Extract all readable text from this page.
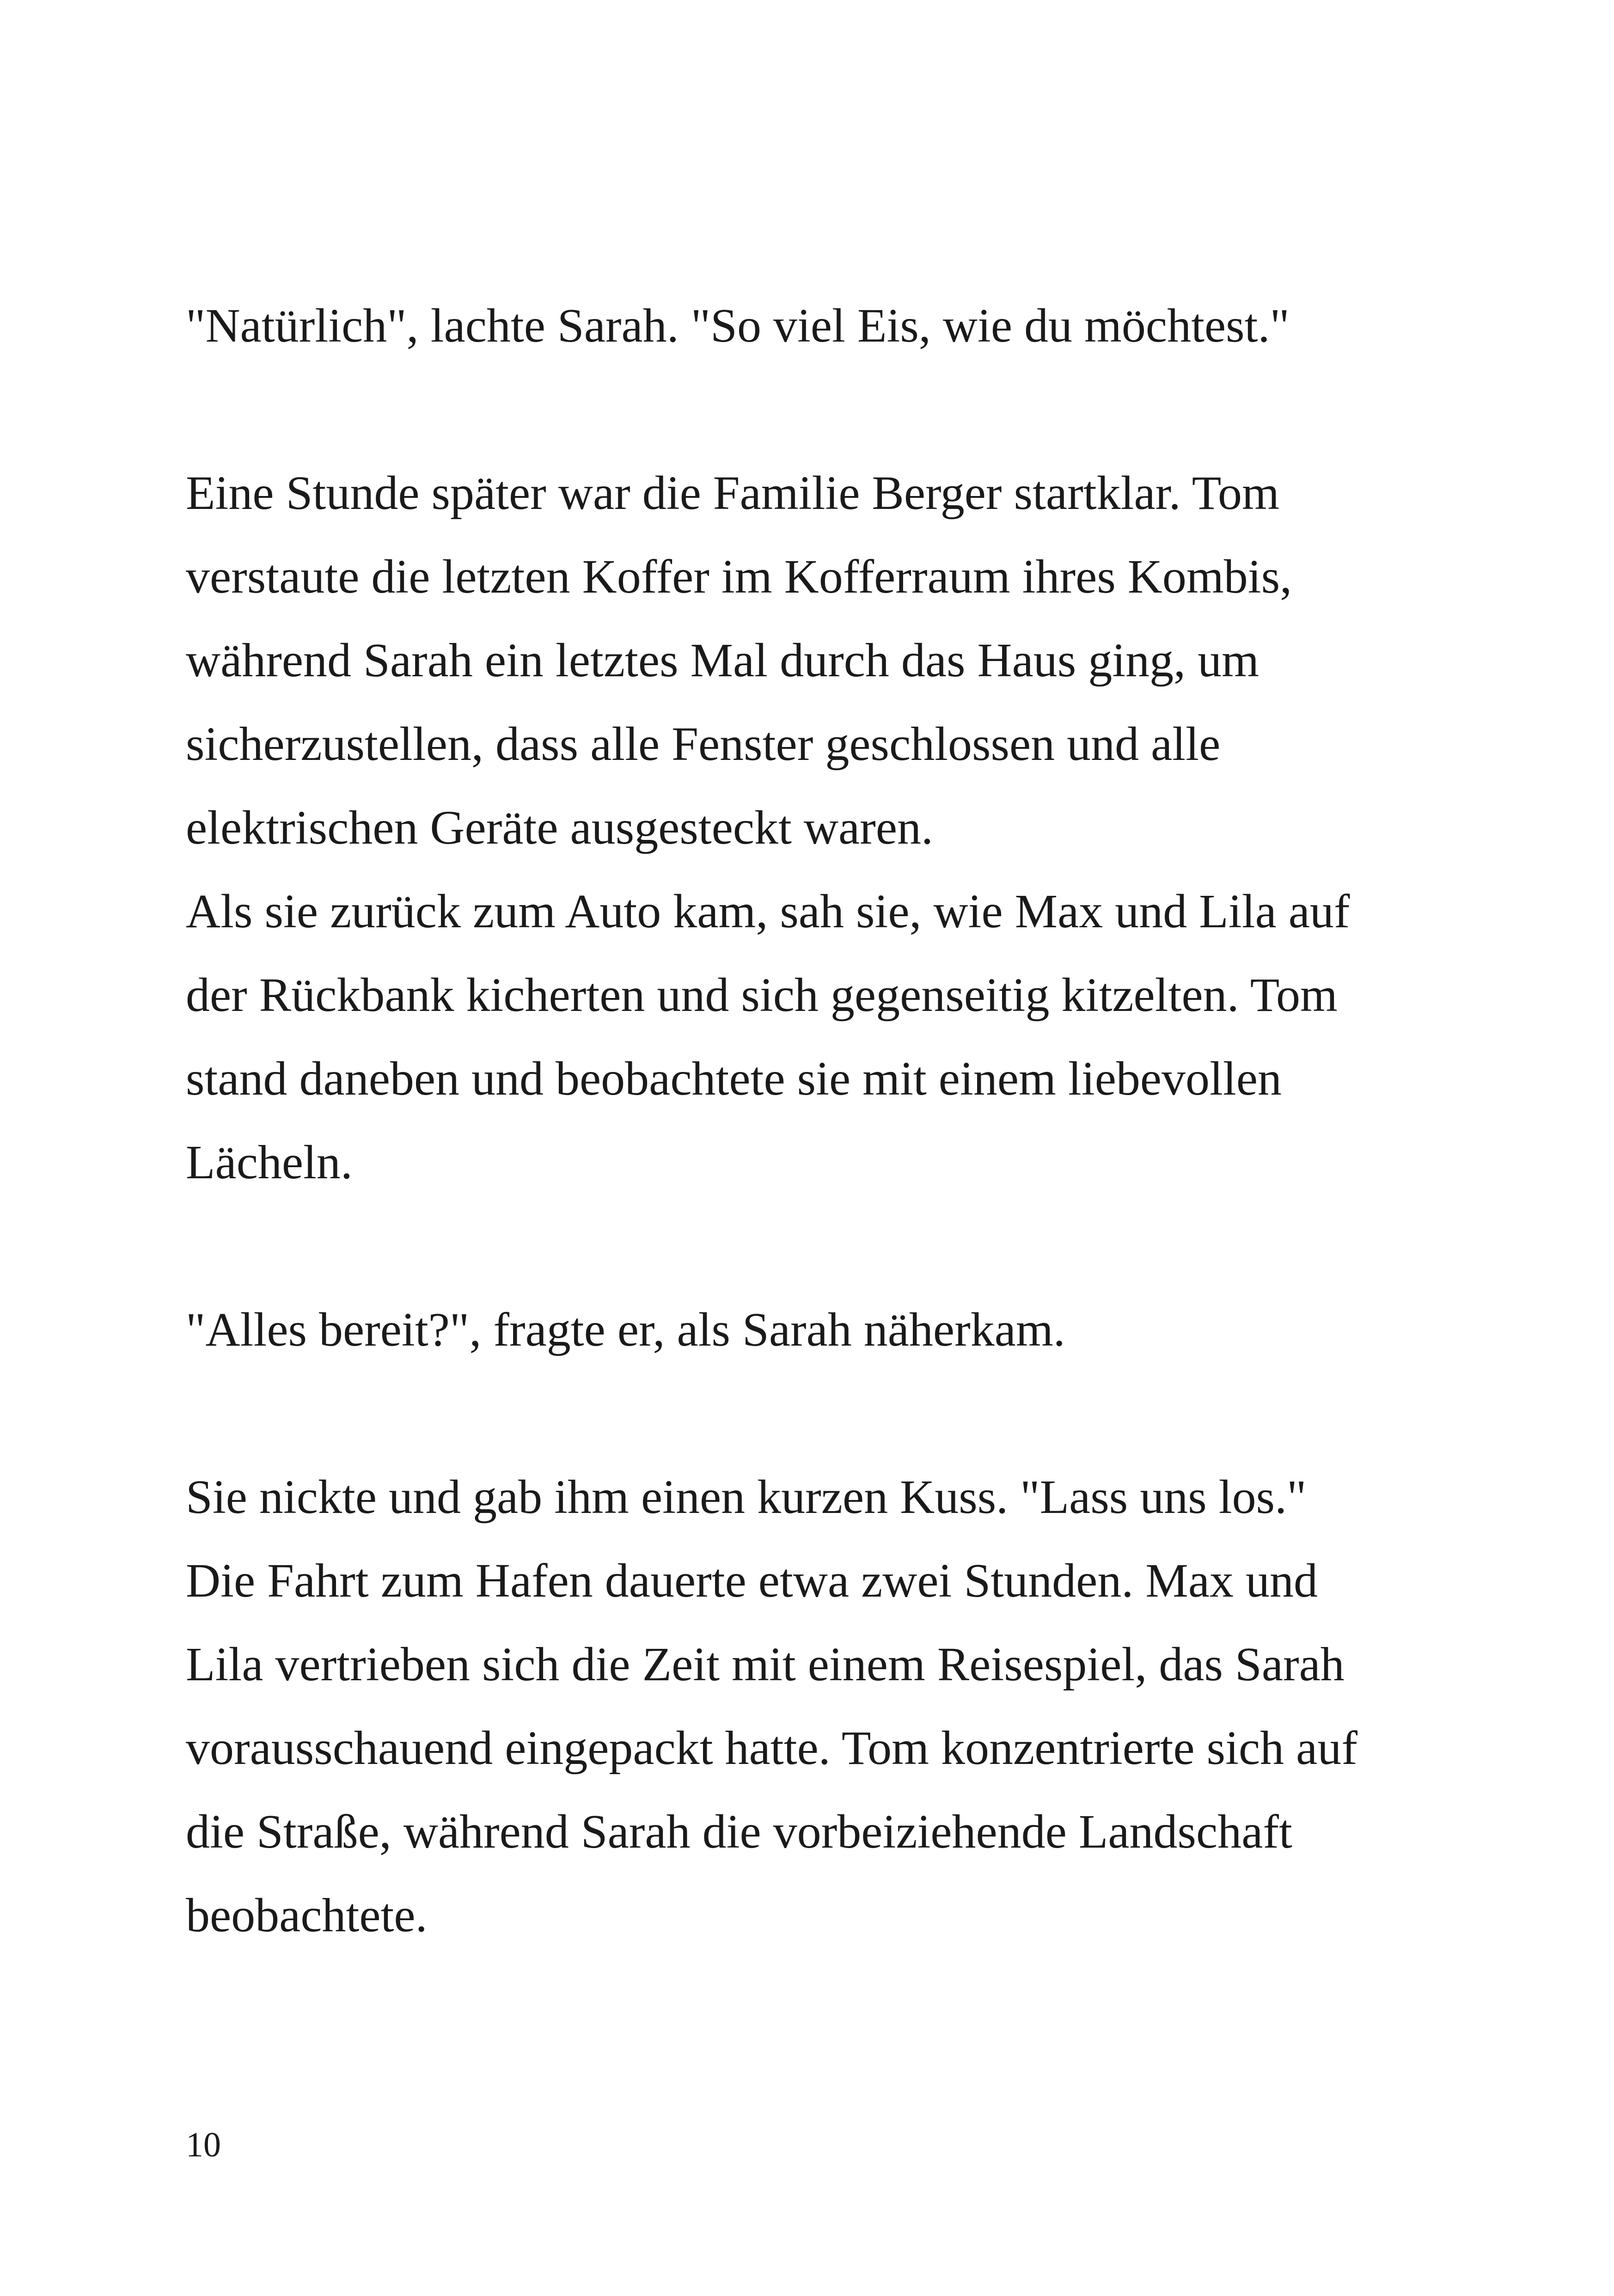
"Natürlich", lachte Sarah. "So viel Eis, wie du möchtest."

Eine Stunde später war die Familie Berger startklar. Tom
verstaute die letzten Koffer im Kofferraum ihres Kombis,
während Sarah ein letztes Mal durch das Haus ging, um
sicherzustellen, dass alle Fenster geschlossen und alle
elektrischen Geräte ausgesteckt waren.

Als sie zurück zum Auto kam, sah sie, wie Max und Lila auf
der Rückbank kicherten und sich gegenseitig kitzelten. Tom
stand daneben und beobachtete sie mit einem liebevollen
Lächeln.

"Alles bereit?", fragte er, als Sarah näherkam.

Sie nickte und gab ihm einen kurzen Kuss. "Lass uns los."

Die Fahrt zum Hafen dauerte etwa zwei Stunden. Max und
Lila vertrieben sich die Zeit mit einem Reisespiel, das Sarah
vorausschauend eingepackt hatte. Tom konzentrierte sich auf
die Straße, während Sarah die vorbeiziehende Landschaft
beobachtete.

10
